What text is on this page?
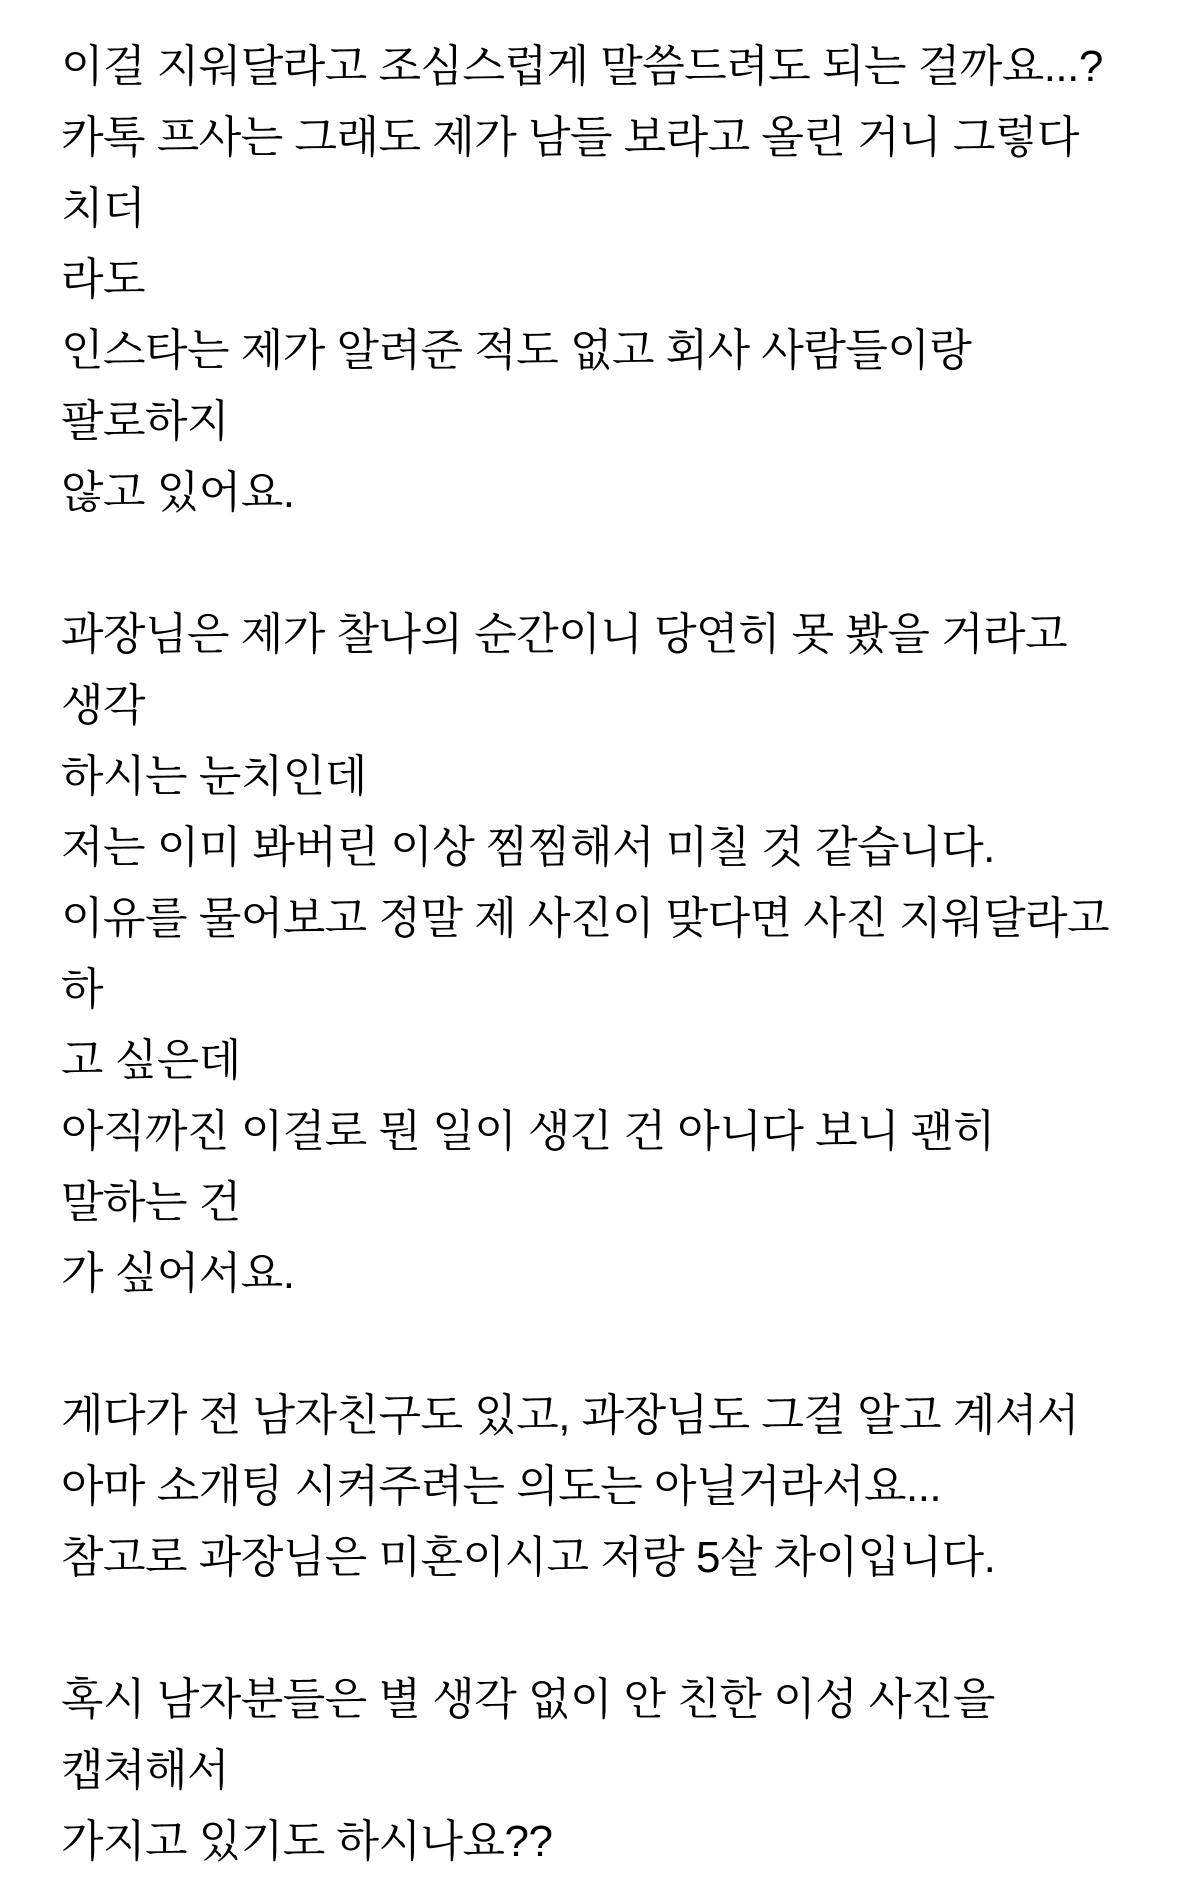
이걸 지워달라고 조심스럽게 말씀드려도 되는 걸까요...?
카톡 프사는 그래도 제가 남들 보라고 올린 거니 그렇다 치더
라도
인스타는 제가 알려준 적도 없고 회사 사람들이랑 팔로하지
않고 있어요.
과장님은 제가 찰나의 순간이니 당연히 못 봤을 거라고 생각
하시는 눈치인데
저는 이미 봐버린 이상 찜찜해서 미칠 것 같습니다.
이유를 물어보고 정말 제 사진이 맞다면 사진 지워달라고 하
고 싶은데
아직까진 이걸로 뭔 일이 생긴 건 아니다 보니 괜히 말하는 건
가 싶어서요.
게다가 전 남자친구도 있고, 과장님도 그걸 알고 계셔서
아마 소개팅 시켜주려는 의도는 아닐거라서요...
참고로 과장님은 미혼이시고 저랑 5살 차이입니다.
혹시 남자분들은 별 생각 없이 안 친한 이성 사진을 캡쳐해서
가지고 있기도 하시나요??
